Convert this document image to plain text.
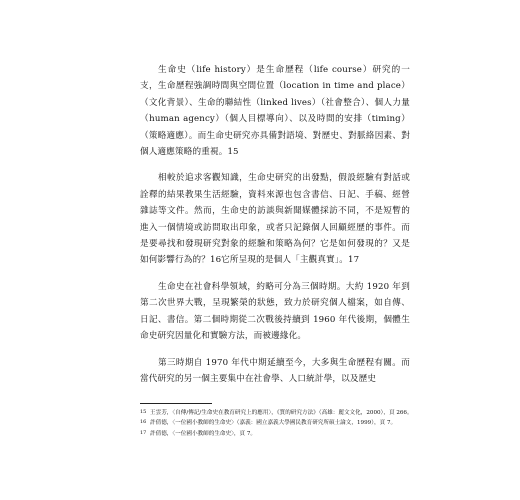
生命史（life history）是生命歷程（life course）研究的一支，生命歷程強調時間與空間位置（location in time and place）（文化背景）、生命的聯結性（linked lives）（社會整合）、個人力量（human agency）（個人目標導向）、以及時間的安排（timing）（策略適應）。而生命史研究亦具備對語境、對歷史、對脈絡因素、對個人適應策略的重視。15

相較於追求客觀知識，生命史研究的出發點，假設經驗有對話或詮釋的結果教果生活經驗，資料來源也包含書信、日記、手稿、經營雜誌等文件。然而，生命史的訪談與新聞媒體採訪不同，不是短暫的進入一個情境或訪問取出印象，或者只記錄個人回顧經歷的事件。而是要尋找和發現研究對象的經驗和策略為何？它是如何發現的？又是如何影響行為的？16它所呈現的是個人「主觀真實」。17

生命史在社會科學領域，約略可分為三個時期。大約 1920 年到第二次世界大戰，呈現繁榮的狀態，致力於研究個人檔案，如自傳、日記、書信。第二個時期從二次戰後持續到 1960 年代後期，個體生命史研究因量化和實驗方法，而被邊緣化。

第三時期自 1970 年代中期延續至今，大多與生命歷程有關。而當代研究的另一個主要集中在社會學、人口統計學，以及歷史

15 王雲芳，〈自傳/傳記/生命史在教育研究上的應用〉，《質的研究方法》（高雄：麗文文化，2000），頁 266。

16 許倩德，〈一位國小教師的生命史〉（嘉義：國立嘉義大學國民教育研究所碩士論文，1999），頁 7。

17 許倩德，〈一位國小教師的生命史〉，頁 7。
